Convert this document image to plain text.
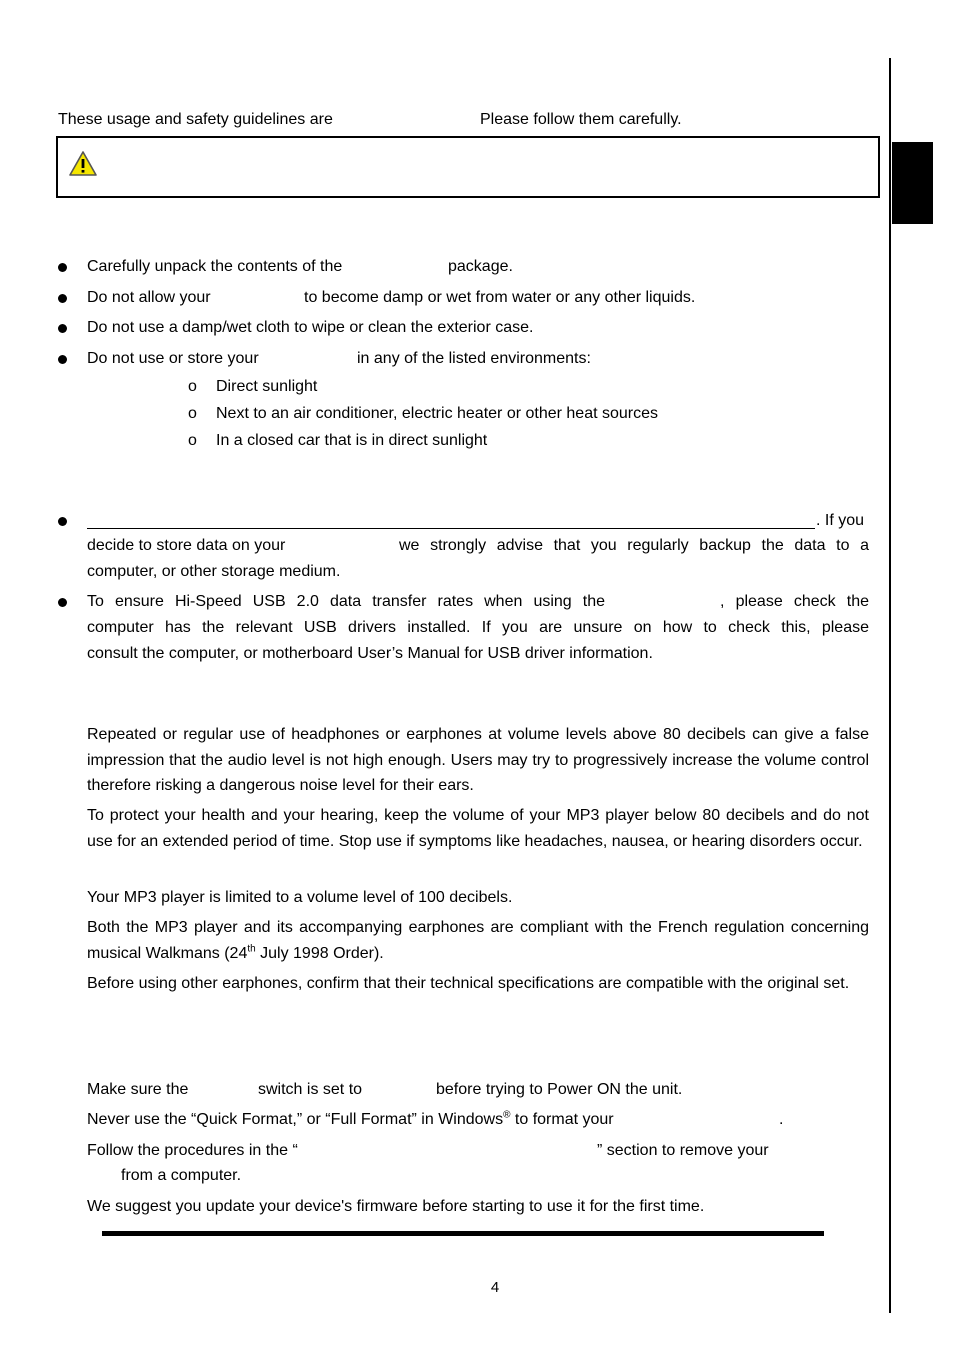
These usage and safety guidelines are	Please follow them carefully.
Carefully unpack the contents of the	package.
Do not allow your	to become damp or wet from water or any other liquids.
Do not use a damp/wet cloth to wipe or clean the exterior case.
Do not use or store your	in any of the listed environments:
o Direct sunlight
o Next to an air conditioner, electric heater or other heat sources
o In a closed car that is in direct sunlight
. If you
decide to store data on your	we strongly advise that you regularly backup the data to a
computer, or other storage medium.
To ensure Hi-Speed USB 2.0 data transfer rates when using the	, please check the
computer has the relevant USB drivers installed. If you are unsure on how to check this, please
consult the computer, or motherboard User’s Manual for USB driver information.
Repeated or regular use of headphones or earphones at volume levels above 80 decibels can give a false impression that the audio level is not high enough. Users may try to progressively increase the volume control therefore risking a dangerous noise level for their ears.
To protect your health and your hearing, keep the volume of your MP3 player below 80 decibels and do not use for an extended period of time. Stop use if symptoms like headaches, nausea, or hearing disorders occur.
Your MP3 player is limited to a volume level of 100 decibels.
Both the MP3 player and its accompanying earphones are compliant with the French regulation concerning musical Walkmans (24th July 1998 Order).
Before using other earphones, confirm that their technical specifications are compatible with the original set.
Make sure the	switch is set to	before trying to Power ON the unit.
Never use the “Quick Format,” or “Full Format” in Windows® to format your	.
Follow the procedures in the “	” section to remove your
from a computer.
We suggest you update your device's firmware before starting to use it for the first time.
4
